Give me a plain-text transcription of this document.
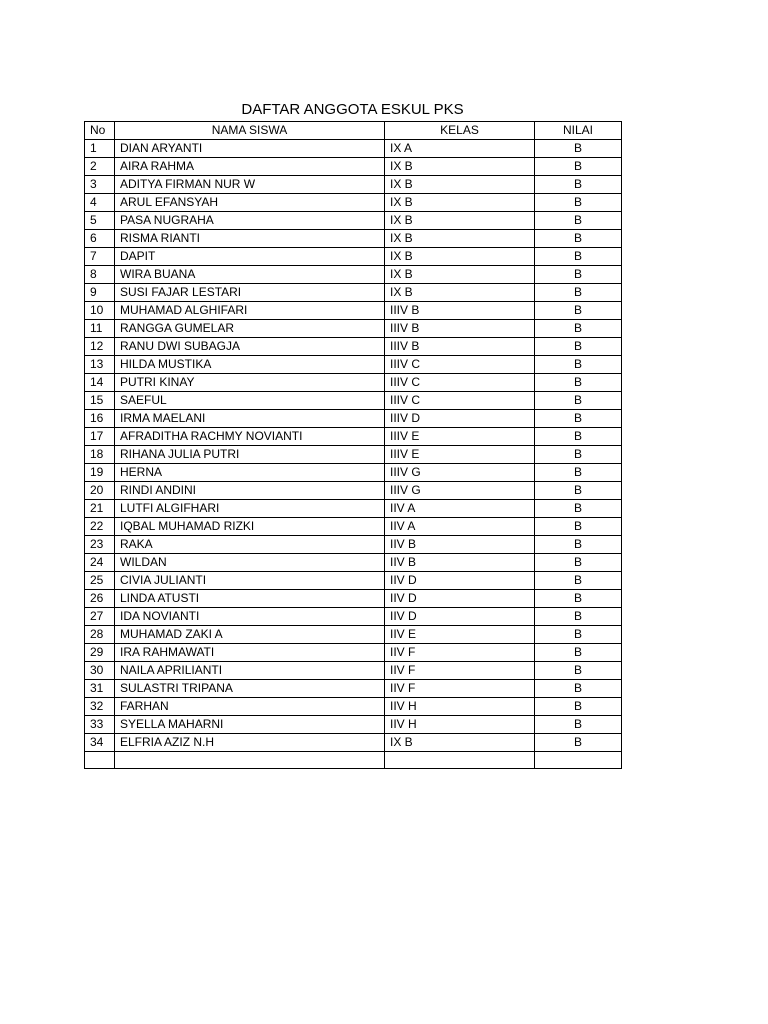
DAFTAR ANGGOTA ESKUL PKS
No	NAMA SISWA	KELAS	NILAI
1	DIAN ARYANTI	IX A	B
2	AIRA RAHMA	IX B	B
3	ADITYA FIRMAN NUR W	IX B	B
4	ARUL EFANSYAH	IX B	B
5	PASA NUGRAHA	IX B	B
6	RISMA RIANTI	IX B	B
7	DAPIT	IX B	B
8	WIRA BUANA	IX B	B
9	SUSI FAJAR LESTARI	IX B	B
10	MUHAMAD ALGHIFARI	IIIV B	B
11	RANGGA GUMELAR	IIIV B	B
12	RANU DWI SUBAGJA	IIIV B	B
13	HILDA MUSTIKA	IIIV C	B
14	PUTRI KINAY	IIIV C	B
15	SAEFUL	IIIV C	B
16	IRMA MAELANI	IIIV D	B
17	AFRADITHA RACHMY NOVIANTI	IIIV E	B
18	RIHANA JULIA PUTRI	IIIV E	B
19	HERNA	IIIV G	B
20	RINDI ANDINI	IIIV G	B
21	LUTFI ALGIFHARI	IIV A	B
22	IQBAL MUHAMAD RIZKI	IIV A	B
23	RAKA	IIV B	B
24	WILDAN	IIV B	B
25	CIVIA JULIANTI	IIV D	B
26	LINDA ATUSTI	IIV D	B
27	IDA NOVIANTI	IIV D	B
28	MUHAMAD ZAKI A	IIV E	B
29	IRA RAHMAWATI	IIV F	B
30	NAILA APRILIANTI	IIV F	B
31	SULASTRI TRIPANA	IIV F	B
32	FARHAN	IIV H	B
33	SYELLA MAHARNI	IIV H	B
34	ELFRIA AZIZ N.H	IX B	B
